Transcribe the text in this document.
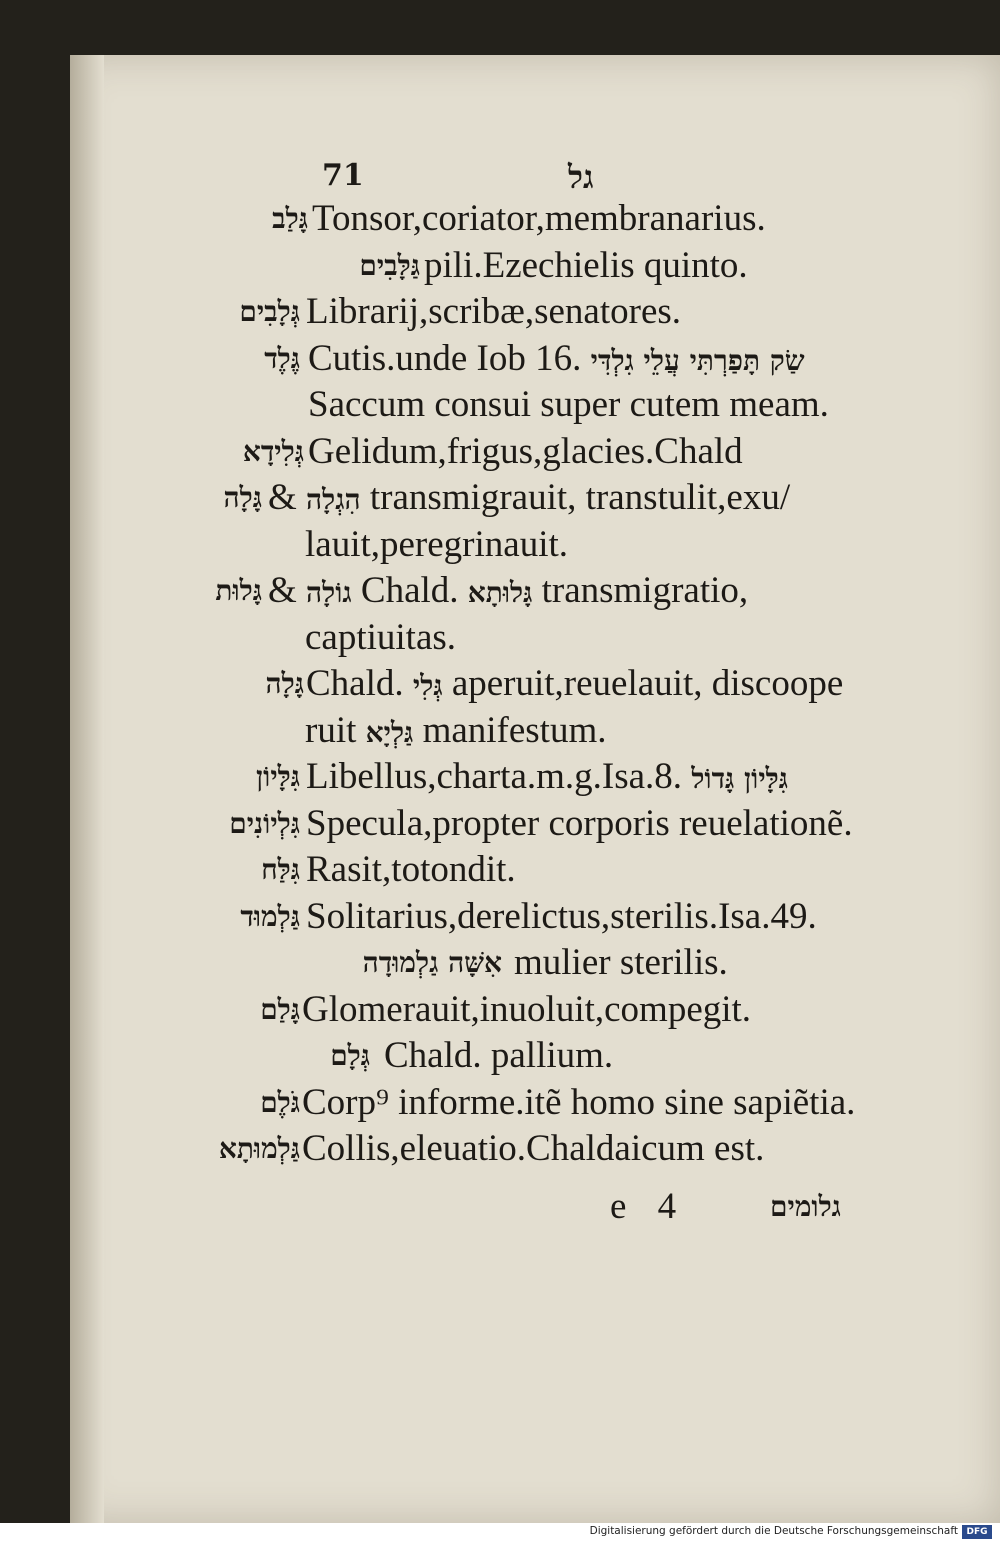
71	גל
גָּלַב Tonsor,coriator,membranarius.
גַּלָּבִים pili.Ezechielis quinto.
גְּלָבִים Librarij,scribæ,senatores.
גֶּלֶד Cutis.unde Iob 16. שַׂק תָּפַרְתִּי עֲלֵי גִלְדִּי
Saccum consui super cutem meam.
גְּלִידָא Gelidum,frigus,glacies.Chald
גָּלָה & הִגְלָה transmigrauit, transtulit,exu/
lauit,peregrinauit.
גָּלוּת & גוֹלָה Chald. גָּלוּתָא transmigratio,
captiuitas.
גָּלָה Chald. גְּלִי aperuit,reuelauit, discoope
ruit גַּלְיָא manifestum.
גִּלָּיוֹן Libellus,charta.m.g.Isa.8. גִּלָּיוֹן גָּדוֹל
גִּלְיוֹנִים Specula,propter corporis reuelationẽ.
גִּלַּח Rasit,totondit.
גַּלְמוּד Solitarius,derelictus,sterilis.Isa.49.
אִשָּׁה גַלְמוּדָה mulier sterilis.
גָּלַם Glomerauit,inuoluit,compegit.
גְּלָם Chald. pallium.
גֹּלֶם Corp⁹ informe.itẽ homo sine sapiẽtia.
גַּלְמוּתָא Collis,eleuatio.Chaldaicum est.
e 4	גלומים
Digitalisierung gefördert durch die Deutsche Forschungsgemeinschaft DFG
